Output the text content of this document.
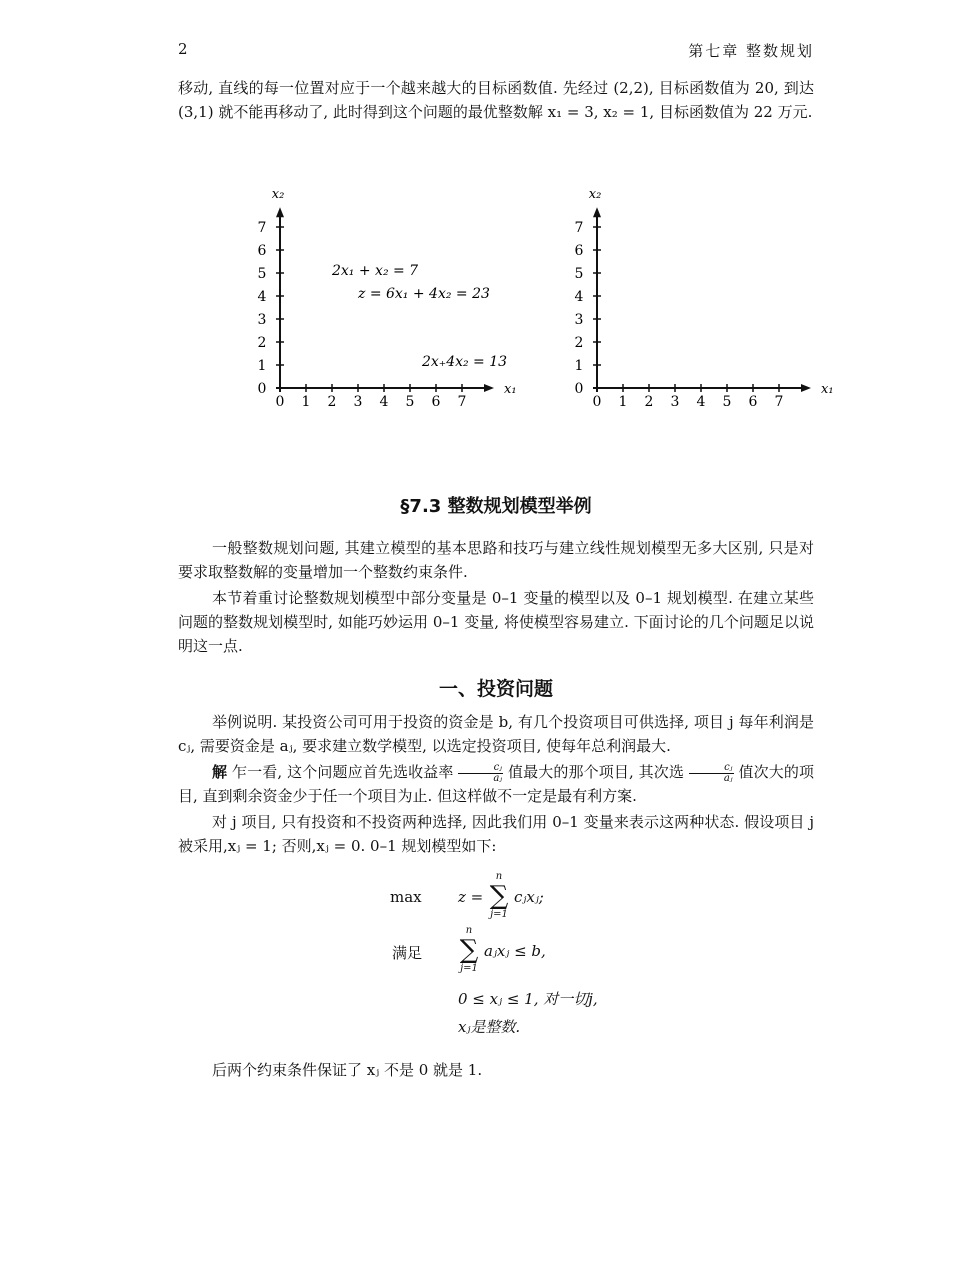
2	第七章 整数规划
移动, 直线的每一位置对应于一个越来越大的目标函数值. 先经过 (2,2), 目标函数值为 20, 到达 (3,1) 就不能再移动了, 此时得到这个问题的最优整数解 x₁ = 3, x₂ = 1, 目标函数值为 22 万元.
0 1 2 3 4 5 6 7
0
1
2
3
4
5
6
7
x₂
x₁
2x₁ + x₂ = 7
z = 6x₁ + 4x₂ = 23
2x₊4x₂ = 13
0 1 2 3 4 5 6 7
0
1
2
3
4
5
6
7
x₂
x₁
§7.3 整数规划模型举例
一般整数规划问题, 其建立模型的基本思路和技巧与建立线性规划模型无多大区别, 只是对要求取整数解的变量增加一个整数约束条件.
本节着重讨论整数规划模型中部分变量是 0–1 变量的模型以及 0–1 规划模型. 在建立某些问题的整数规划模型时, 如能巧妙运用 0–1 变量, 将使模型容易建立. 下面讨论的几个问题足以说明这一点.
一、投资问题
举例说明. 某投资公司可用于投资的资金是 b, 有几个投资项目可供选择, 项目 j 每年利润是 cⱼ, 需要资金是 aⱼ, 要求建立数学模型, 以选定投资项目, 使每年总利润最大.
解 乍一看, 这个问题应首先选收益率 $\frac{\text{cⱼ}}{\text{aⱼ}}$ 值最大的那个项目, 其次选 $\frac{\text{cⱼ}}{\text{aⱼ}}$ 值次大的项目, 直到剩余资金少于任一个项目为止. 但这样做不一定是最有利方案.
对 j 项目, 只有投资和不投资两种选择, 因此我们用 0–1 变量来表示这两种状态. 假设项目 j 被采用,xⱼ = 1; 否则,xⱼ = 0. 0–1 规划模型如下:
max z =
n
∑
j=1
cⱼxⱼ;
满足
n
∑
j=1
aⱼxⱼ ≤ b,
0 ≤ xⱼ ≤ 1, 对一切j,
xⱼ是整数.
后两个约束条件保证了 xⱼ 不是 0 就是 1.
